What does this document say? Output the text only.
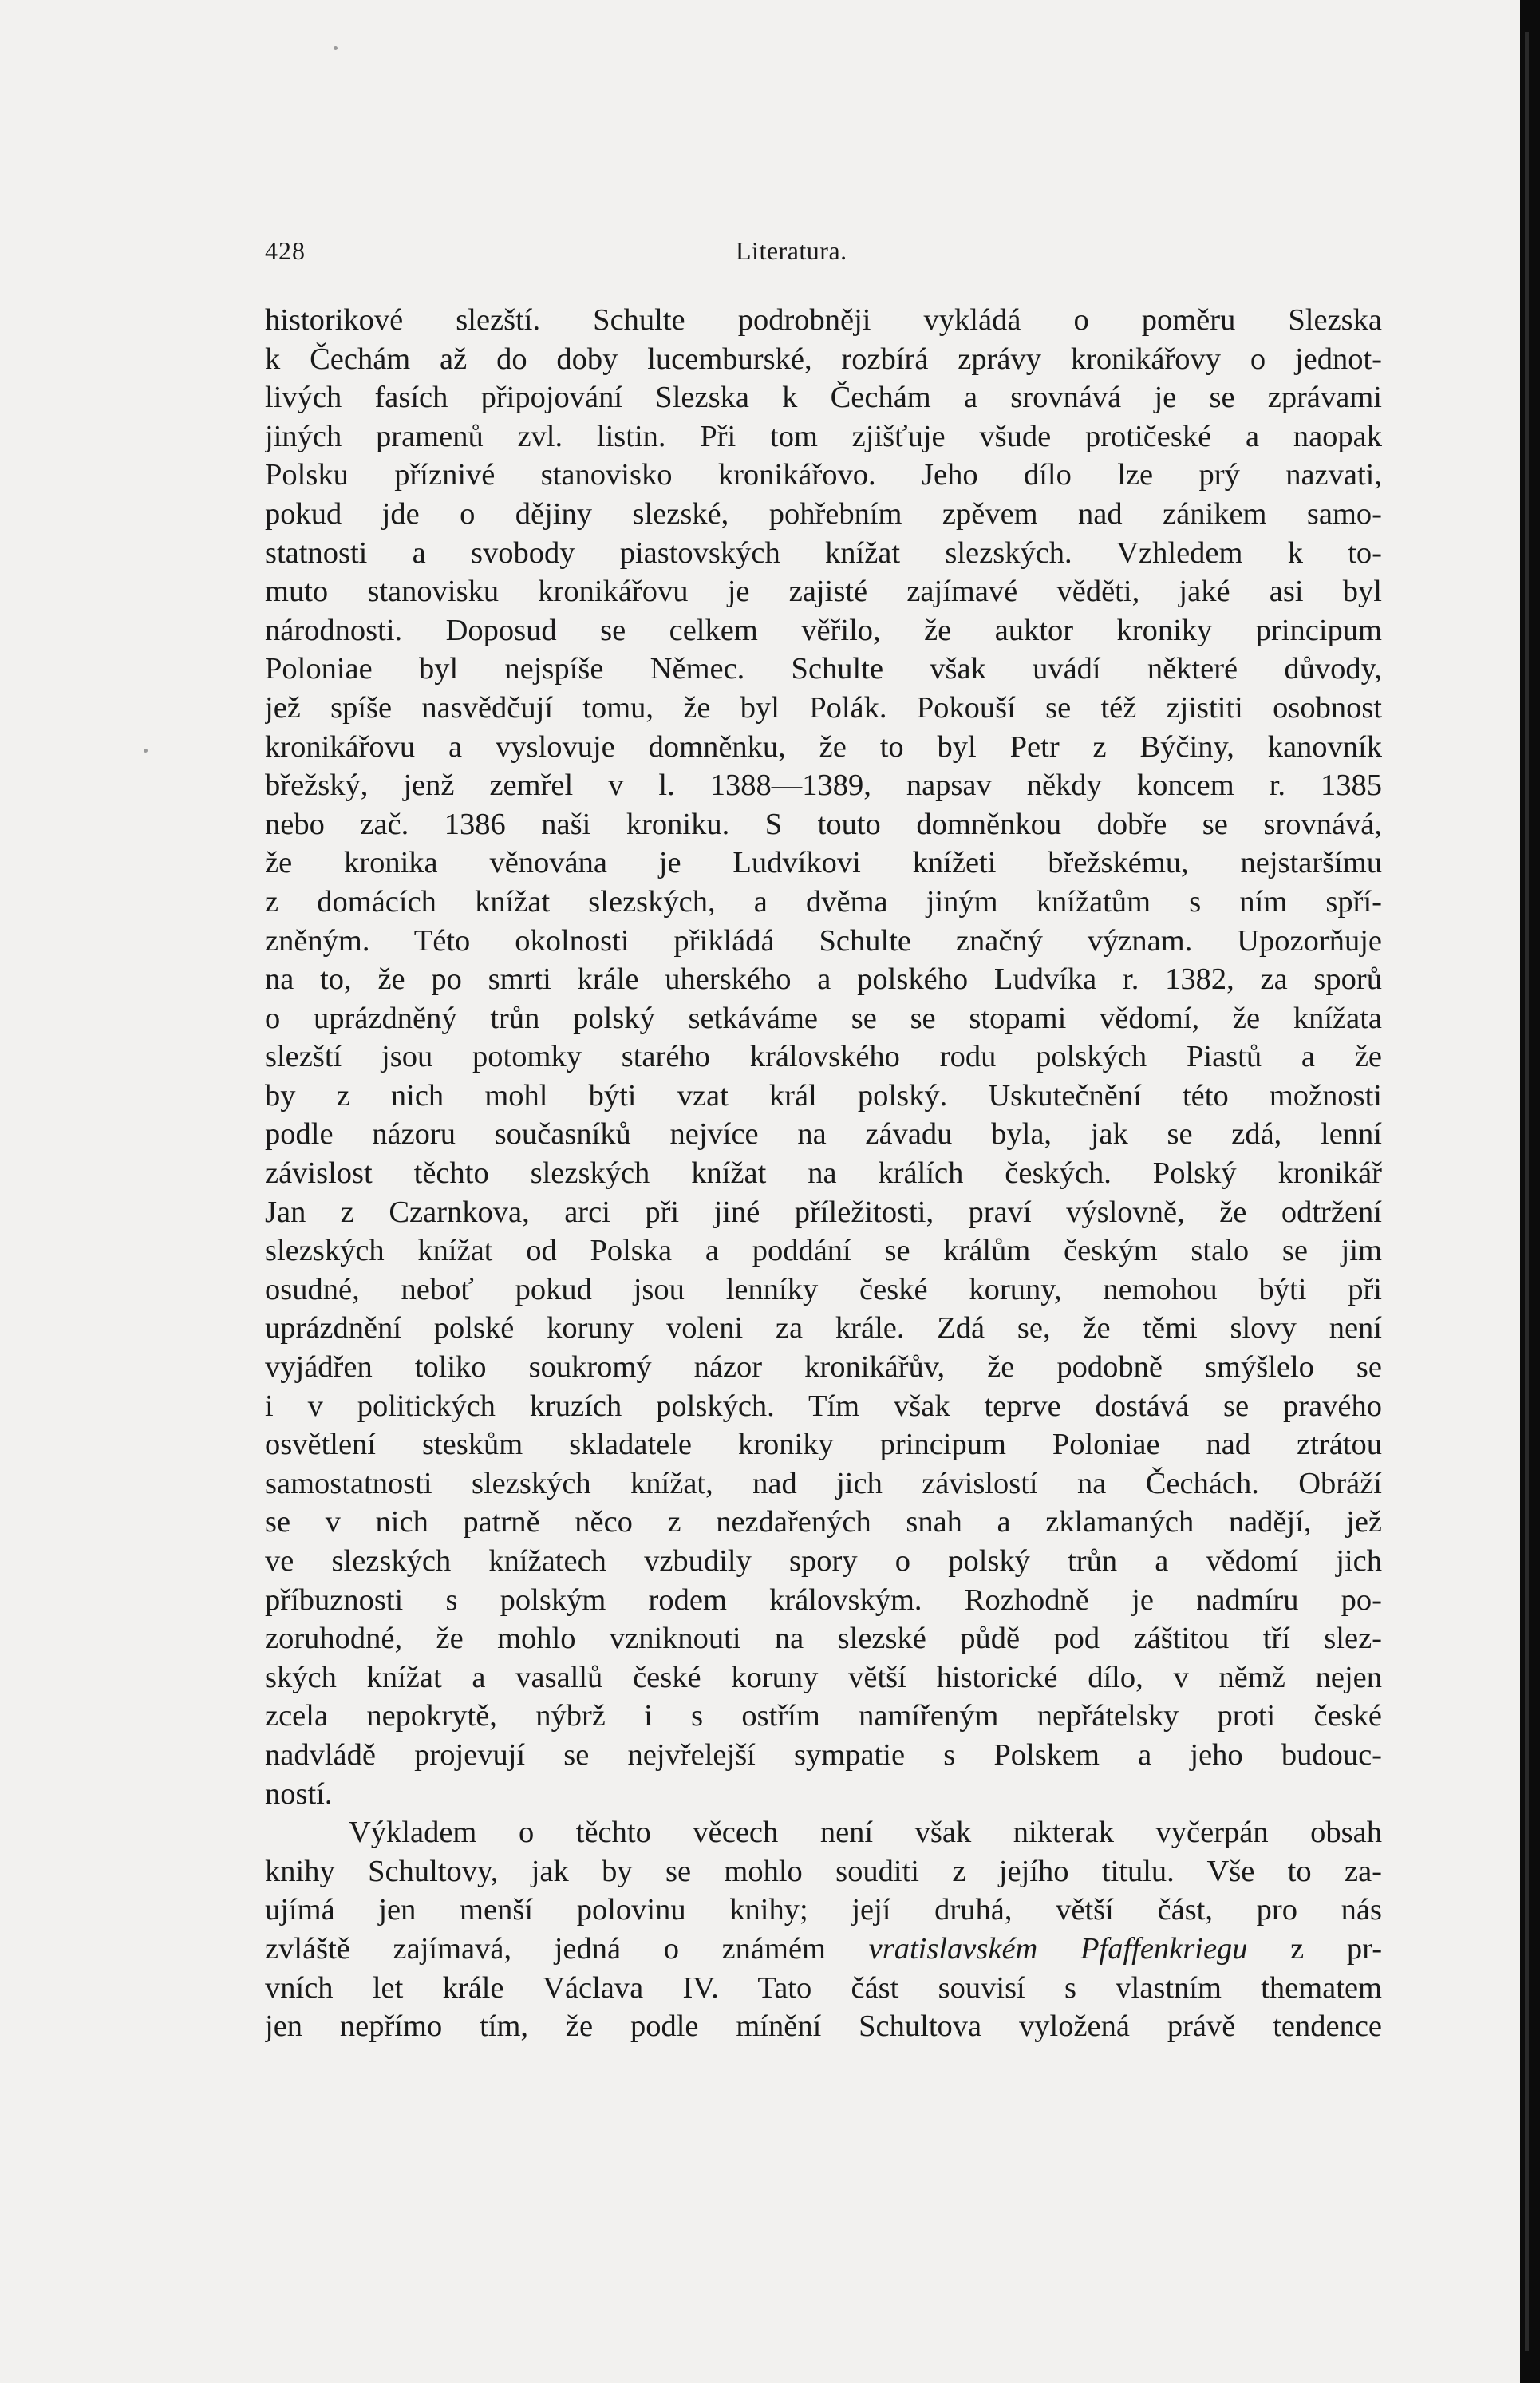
428	Literatura.
historikové slezští. Schulte podrobněji vykládá o poměru Slezska
k Čechám až do doby lucemburské, rozbírá zprávy kronikářovy o jednot-
livých fasích připojování Slezska k Čechám a srovnává je se zprávami
jiných pramenů zvl. listin. Při tom zjišťuje všude protičeské a naopak
Polsku příznivé stanovisko kronikářovo. Jeho dílo lze prý nazvati,
pokud jde o dějiny slezské, pohřebním zpěvem nad zánikem samo-
statnosti a svobody piastovských knížat slezských. Vzhledem k to-
muto stanovisku kronikářovu je zajisté zajímavé věděti, jaké asi byl
národnosti. Doposud se celkem věřilo, že auktor kroniky principum
Poloniae byl nejspíše Němec. Schulte však uvádí některé důvody,
jež spíše nasvědčují tomu, že byl Polák. Pokouší se též zjistiti osobnost
kronikářovu a vyslovuje domněnku, že to byl Petr z Býčiny, kanovník
břežský, jenž zemřel v l. 1388—1389, napsav někdy koncem r. 1385
nebo zač. 1386 naši kroniku. S touto domněnkou dobře se srovnává,
že kronika věnována je Ludvíkovi knížeti břežskému, nejstaršímu
z domácích knížat slezských, a dvěma jiným knížatům s ním spří-
zněným. Této okolnosti přikládá Schulte značný význam. Upozorňuje
na to, že po smrti krále uherského a polského Ludvíka r. 1382, za sporů
o uprázdněný trůn polský setkáváme se se stopami vědomí, že knížata
slezští jsou potomky starého královského rodu polských Piastů a že
by z nich mohl býti vzat král polský. Uskutečnění této možnosti
podle názoru současníků nejvíce na závadu byla, jak se zdá, lenní
závislost těchto slezských knížat na králích českých. Polský kronikář
Jan z Czarnkova, arci při jiné příležitosti, praví výslovně, že odtržení
slezských knížat od Polska a poddání se králům českým stalo se jim
osudné, neboť pokud jsou lenníky české koruny, nemohou býti při
uprázdnění polské koruny voleni za krále. Zdá se, že těmi slovy není
vyjádřen toliko soukromý názor kronikářův, že podobně smýšlelo se
i v politických kruzích polských. Tím však teprve dostává se pravého
osvětlení steskům skladatele kroniky principum Poloniae nad ztrátou
samostatnosti slezských knížat, nad jich závislostí na Čechách. Obráží
se v nich patrně něco z nezdařených snah a zklamaných nadějí, jež
ve slezských knížatech vzbudily spory o polský trůn a vědomí jich
příbuznosti s polským rodem královským. Rozhodně je nadmíru po-
zoruhodné, že mohlo vzniknouti na slezské půdě pod záštitou tří slez-
ských knížat a vasallů české koruny větší historické dílo, v němž nejen
zcela nepokrytě, nýbrž i s ostřím namířeným nepřátelsky proti české
nadvládě projevují se nejvřelejší sympatie s Polskem a jeho budouc-
ností.
Výkladem o těchto věcech není však nikterak vyčerpán obsah
knihy Schultovy, jak by se mohlo souditi z jejího titulu. Vše to za-
ujímá jen menší polovinu knihy; její druhá, větší část, pro nás
zvláště zajímavá, jedná o známém vratislavském Pfaffenkriegu z pr-
vních let krále Václava IV. Tato část souvisí s vlastním thematem
jen nepřímo tím, že podle mínění Schultova vyložená právě tendence
